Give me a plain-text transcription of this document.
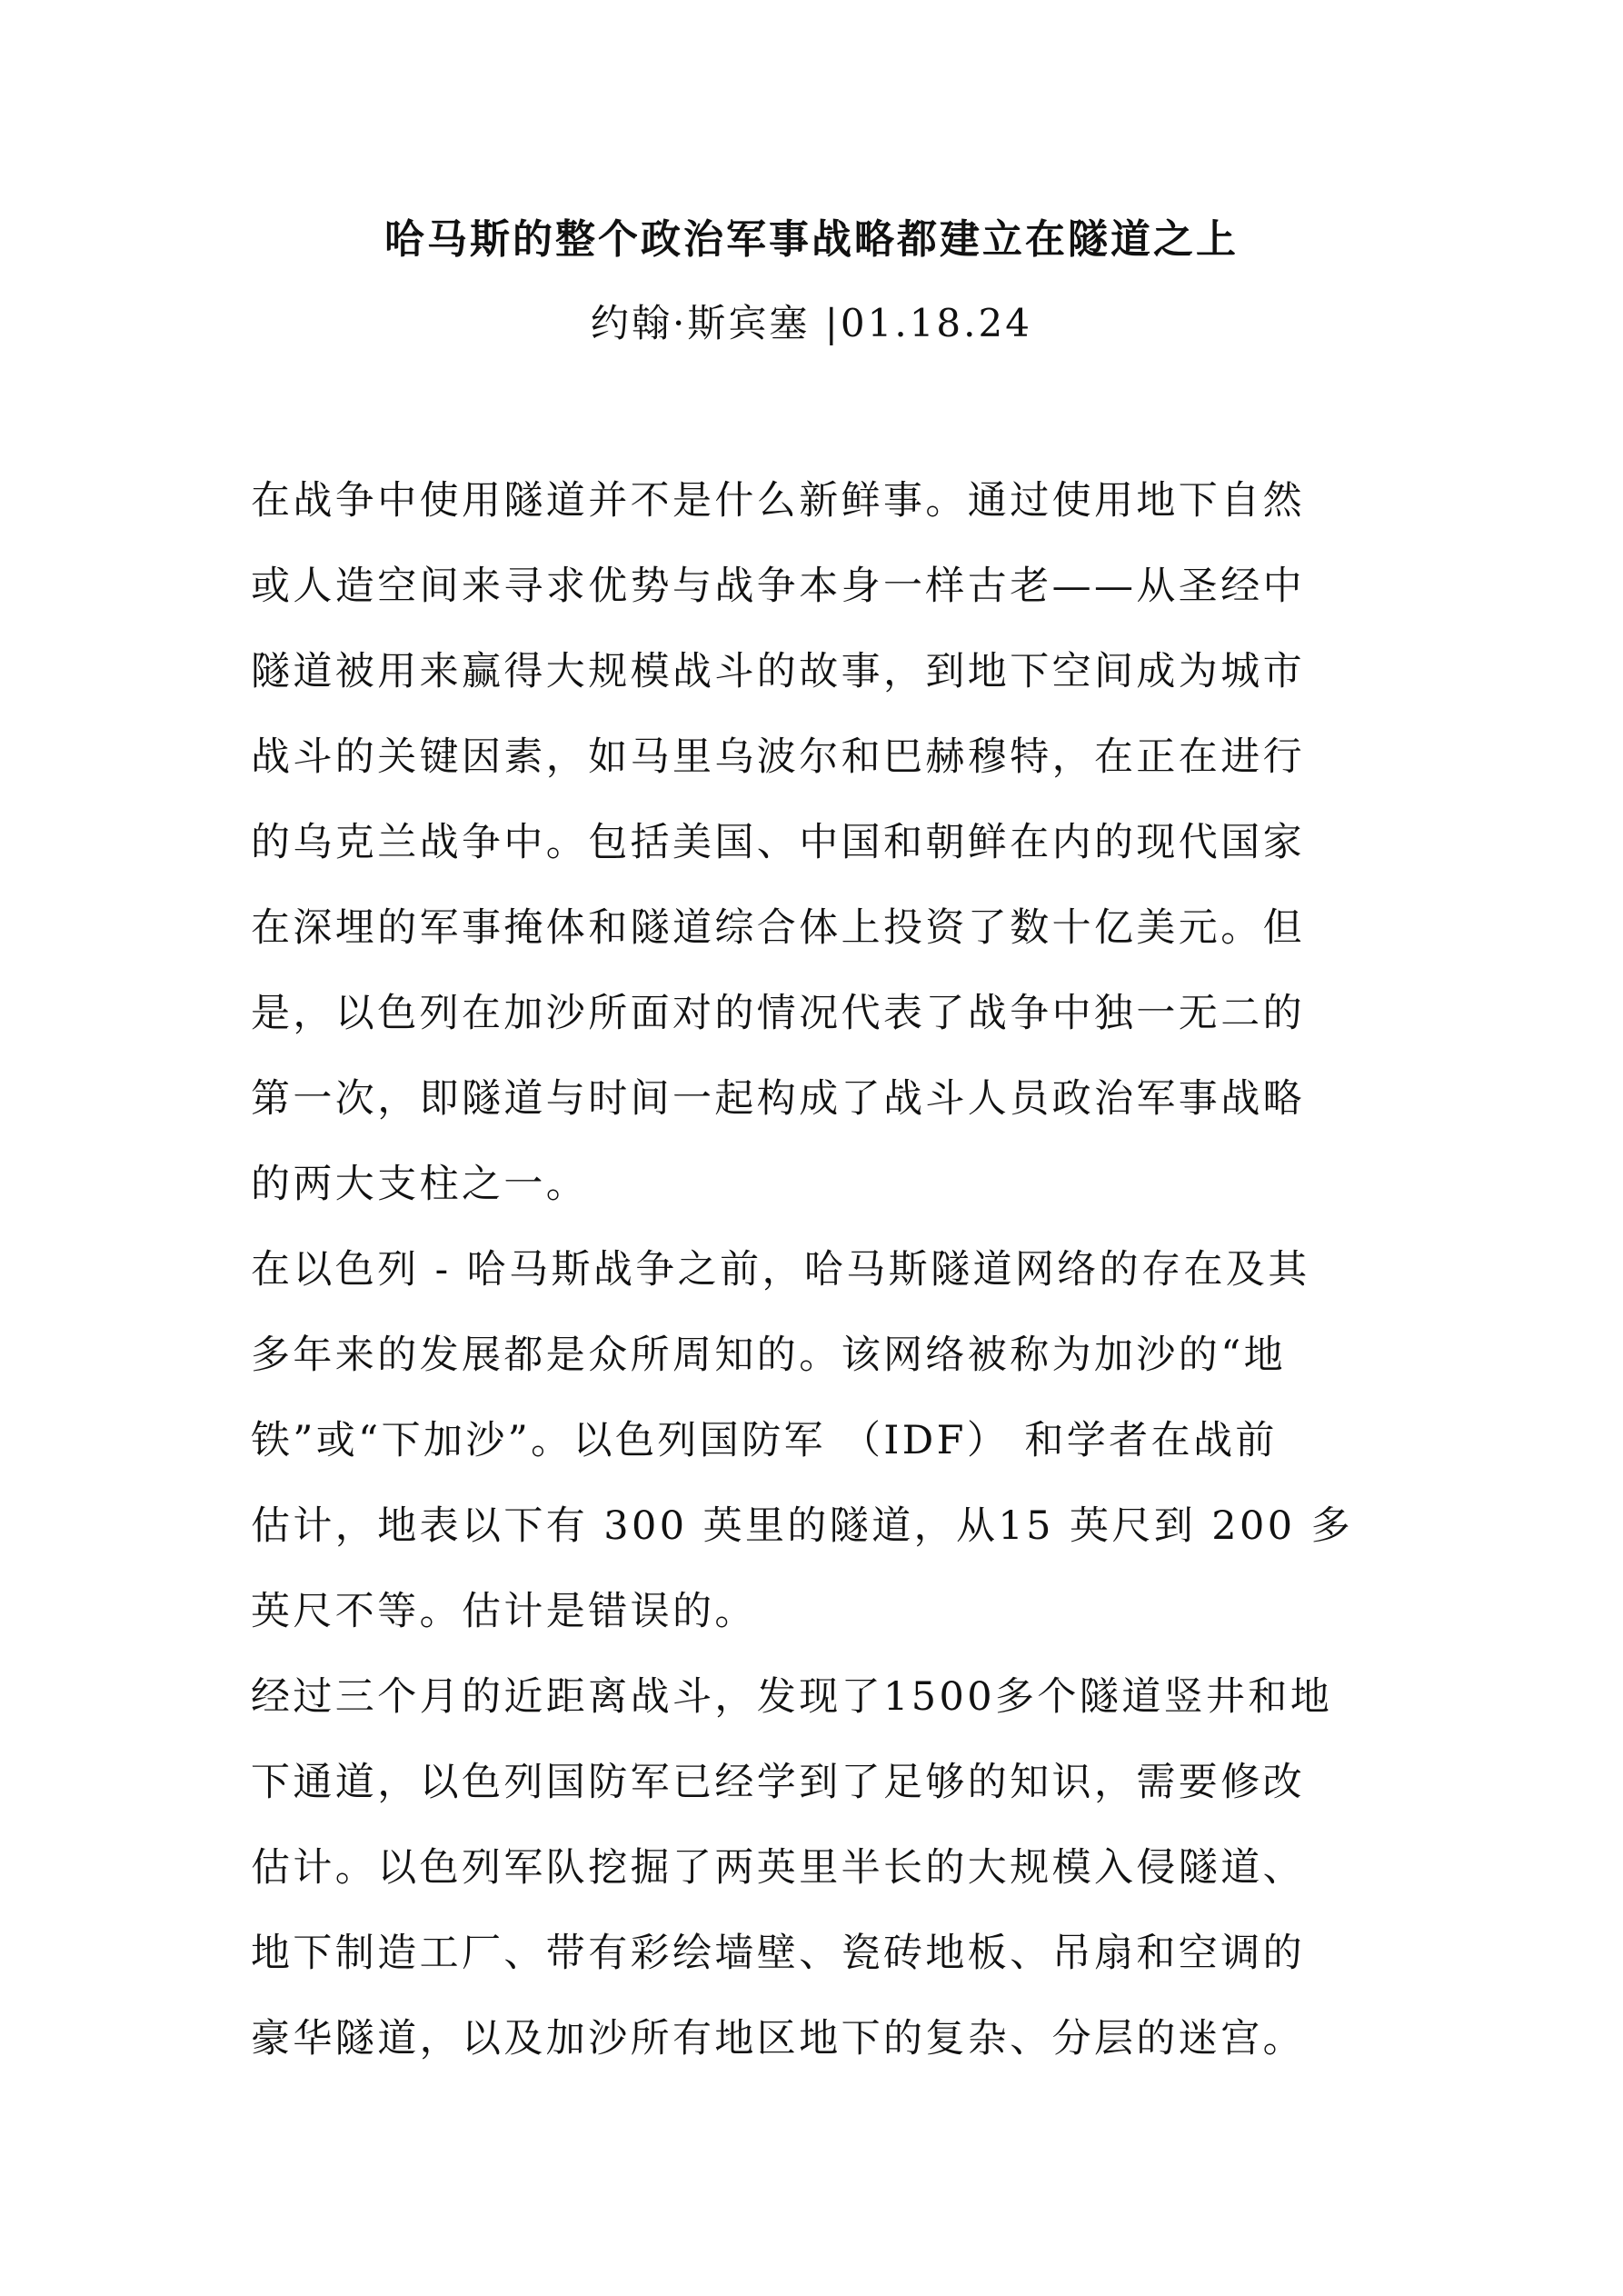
哈马斯的整个政治军事战略都建立在隧道之上
约翰·斯宾塞 |01.18.24

在战争中使用隧道并不是什么新鲜事。通过使用地下自然
或人造空间来寻求优势与战争本身一样古老——从圣经中
隧道被用来赢得大规模战斗的故事，到地下空间成为城市
战斗的关键因素，如马里乌波尔和巴赫穆特，在正在进行
的乌克兰战争中。包括美国、中国和朝鲜在内的现代国家
在深埋的军事掩体和隧道综合体上投资了数十亿美元。但
是，以色列在加沙所面对的情况代表了战争中独一无二的
第一次，即隧道与时间一起构成了战斗人员政治军事战略
的两大支柱之一。

在以色列 - 哈马斯战争之前，哈马斯隧道网络的存在及其
多年来的发展都是众所周知的。该网络被称为加沙的“地
铁”或“下加沙”。以色列国防军 （IDF） 和学者在战前
估计，地表以下有 300 英里的隧道，从15 英尺到 200 多
英尺不等。估计是错误的。

经过三个月的近距离战斗，发现了1500多个隧道竖井和地
下通道，以色列国防军已经学到了足够的知识，需要修改
估计。以色列军队挖掘了两英里半长的大规模入侵隧道、
地下制造工厂、带有彩绘墙壁、瓷砖地板、吊扇和空调的
豪华隧道，以及加沙所有地区地下的复杂、分层的迷宫。
